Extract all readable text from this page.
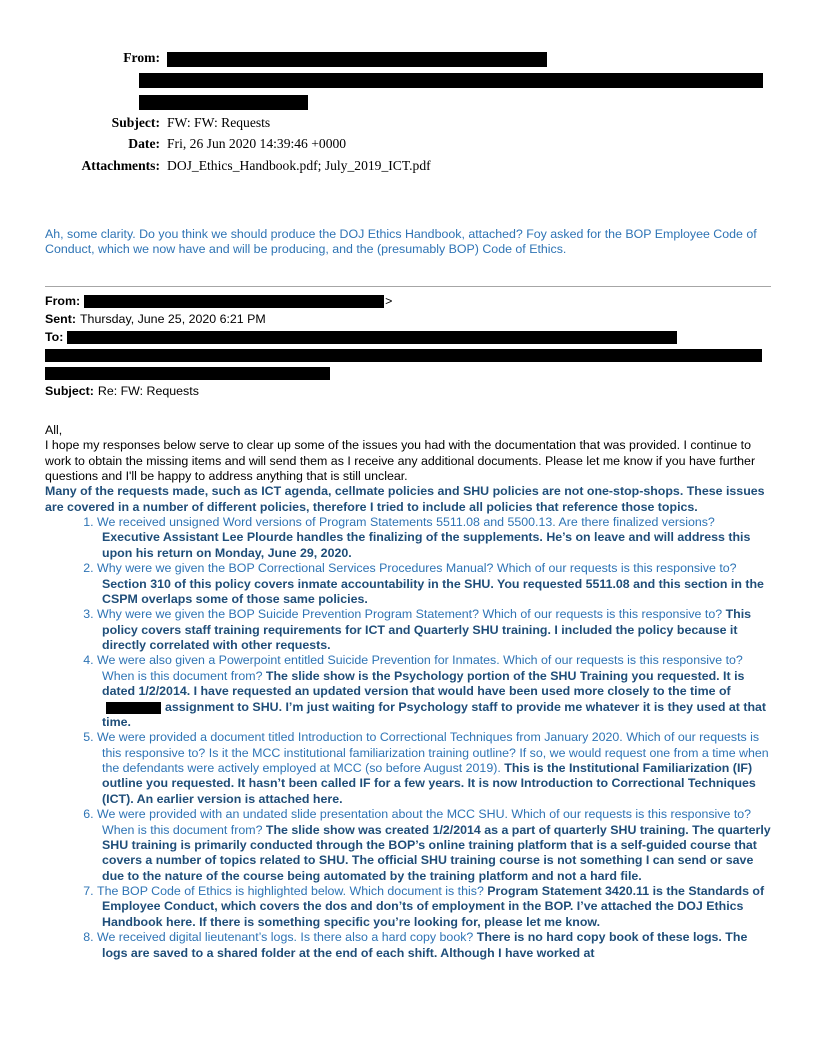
From:
Subject: FW: FW: Requests
Date: Fri, 26 Jun 2020 14:39:46 +0000
Attachments: DOJ_Ethics_Handbook.pdf; July_2019_ICT.pdf
Ah, some clarity. Do you think we should produce the DOJ Ethics Handbook, attached? Foy asked for the BOP Employee Code of Conduct, which we now have and will be producing, and the (presumably BOP) Code of Ethics.
From:	>
Sent: Thursday, June 25, 2020 6:21 PM
To:
Subject: Re: FW: Requests

All,

I hope my responses below serve to clear up some of the issues you had with the documentation that was provided. I continue to work to obtain the missing items and will send them as I receive any additional documents. Please let me know if you have further questions and I'll be happy to address anything that is still unclear.

Many of the requests made, such as ICT agenda, cellmate policies and SHU policies are not one-stop-shops. These issues are covered in a number of different policies, therefore I tried to include all policies that reference those topics.

1. We received unsigned Word versions of Program Statements 5511.08 and 5500.13. Are there finalized versions? Executive Assistant Lee Plourde handles the finalizing of the supplements. He’s on leave and will address this upon his return on Monday, June 29, 2020.
2. Why were we given the BOP Correctional Services Procedures Manual? Which of our requests is this responsive to? Section 310 of this policy covers inmate accountability in the SHU. You requested 5511.08 and this section in the CSPM overlaps some of those same policies.
3. Why were we given the BOP Suicide Prevention Program Statement? Which of our requests is this responsive to? This policy covers staff training requirements for ICT and Quarterly SHU training. I included the policy because it directly correlated with other requests.
4. We were also given a Powerpoint entitled Suicide Prevention for Inmates. Which of our requests is this responsive to? When is this document from? The slide show is the Psychology portion of the SHU Training you requested. It is dated 1/2/2014. I have requested an updated version that would have been used more closely to the time ofassignment to SHU. I’m just waiting for Psychology staff to provide me whatever it is they used at that time.
5. We were provided a document titled Introduction to Correctional Techniques from January 2020. Which of our requests is this responsive to? Is it the MCC institutional familiarization training outline? If so, we would request one from a time when the defendants were actively employed at MCC (so before August 2019). This is the Institutional Familiarization (IF) outline you requested. It hasn’t been called IF for a few years. It is now Introduction to Correctional Techniques (ICT). An earlier version is attached here.
6. We were provided with an undated slide presentation about the MCC SHU. Which of our requests is this responsive to? When is this document from? The slide show was created 1/2/2014 as a part of quarterly SHU training. The quarterly SHU training is primarily conducted through the BOP’s online training platform that is a self-guided course that covers a number of topics related to SHU. The official SHU training course is not something I can send or save due to the nature of the course being automated by the training platform and not a hard file.
7. The BOP Code of Ethics is highlighted below. Which document is this? Program Statement 3420.11 is the Standards of Employee Conduct, which covers the dos and don’ts of employment in the BOP. I’ve attached the DOJ Ethics Handbook here. If there is something specific you’re looking for, please let me know.
8. We received digital lieutenant’s logs. Is there also a hard copy book? There is no hard copy book of these logs. The logs are saved to a shared folder at the end of each shift. Although I have worked at
